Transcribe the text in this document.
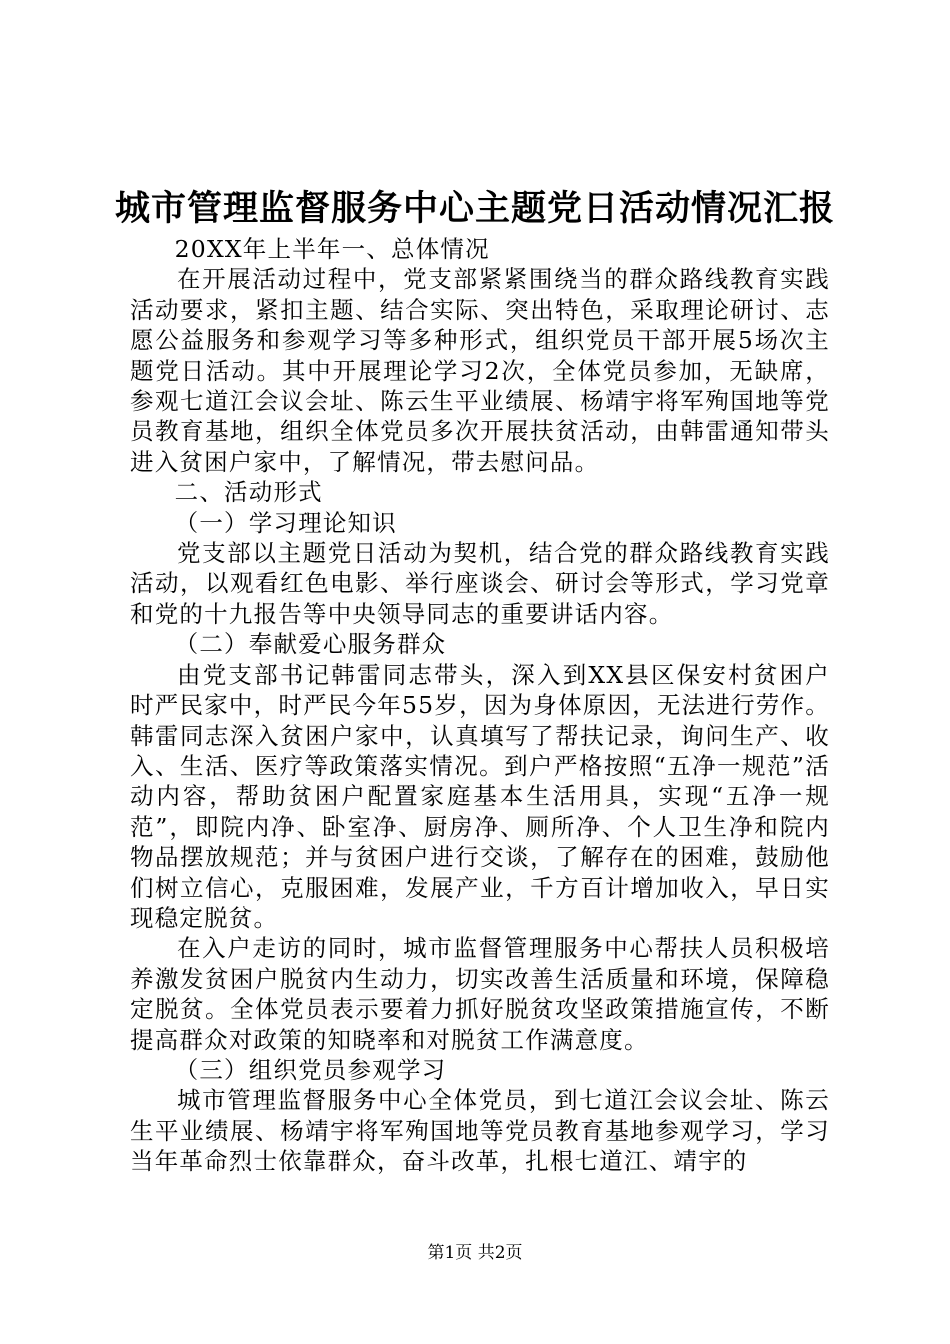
城市管理监督服务中心主题党日活动情况汇报

20XX年上半年一、总体情况

在开展活动过程中，党支部紧紧围绕当的群众路线教育实践活动要求，紧扣主题、结合实际、突出特色，采取理论研讨、志愿公益服务和参观学习等多种形式，组织党员干部开展5场次主题党日活动。其中开展理论学习2次，全体党员参加，无缺席，参观七道江会议会址、陈云生平业绩展、杨靖宇将军殉国地等党员教育基地，组织全体党员多次开展扶贫活动，由韩雷通知带头进入贫困户家中，了解情况，带去慰问品。

二、活动形式

（一）学习理论知识

党支部以主题党日活动为契机，结合党的群众路线教育实践活动，以观看红色电影、举行座谈会、研讨会等形式，学习党章和党的十九报告等中央领导同志的重要讲话内容。

（二）奉献爱心服务群众

由党支部书记韩雷同志带头，深入到XX县区保安村贫困户时严民家中，时严民今年55岁，因为身体原因，无法进行劳作。韩雷同志深入贫困户家中，认真填写了帮扶记录，询问生产、收入、生活、医疗等政策落实情况。到户严格按照“五净一规范”活动内容，帮助贫困户配置家庭基本生活用具，实现“五净一规范”，即院内净、卧室净、厨房净、厕所净、个人卫生净和院内物品摆放规范；并与贫困户进行交谈，了解存在的困难，鼓励他们树立信心，克服困难，发展产业，千方百计增加收入，早日实现稳定脱贫。

在入户走访的同时，城市监督管理服务中心帮扶人员积极培养激发贫困户脱贫内生动力，切实改善生活质量和环境，保障稳定脱贫。全体党员表示要着力抓好脱贫攻坚政策措施宣传，不断提高群众对政策的知晓率和对脱贫工作满意度。

（三）组织党员参观学习

城市管理监督服务中心全体党员，到七道江会议会址、陈云生平业绩展、杨靖宇将军殉国地等党员教育基地参观学习，学习当年革命烈士依靠群众，奋斗改革，扎根七道江、靖宇的

第1页 共2页
